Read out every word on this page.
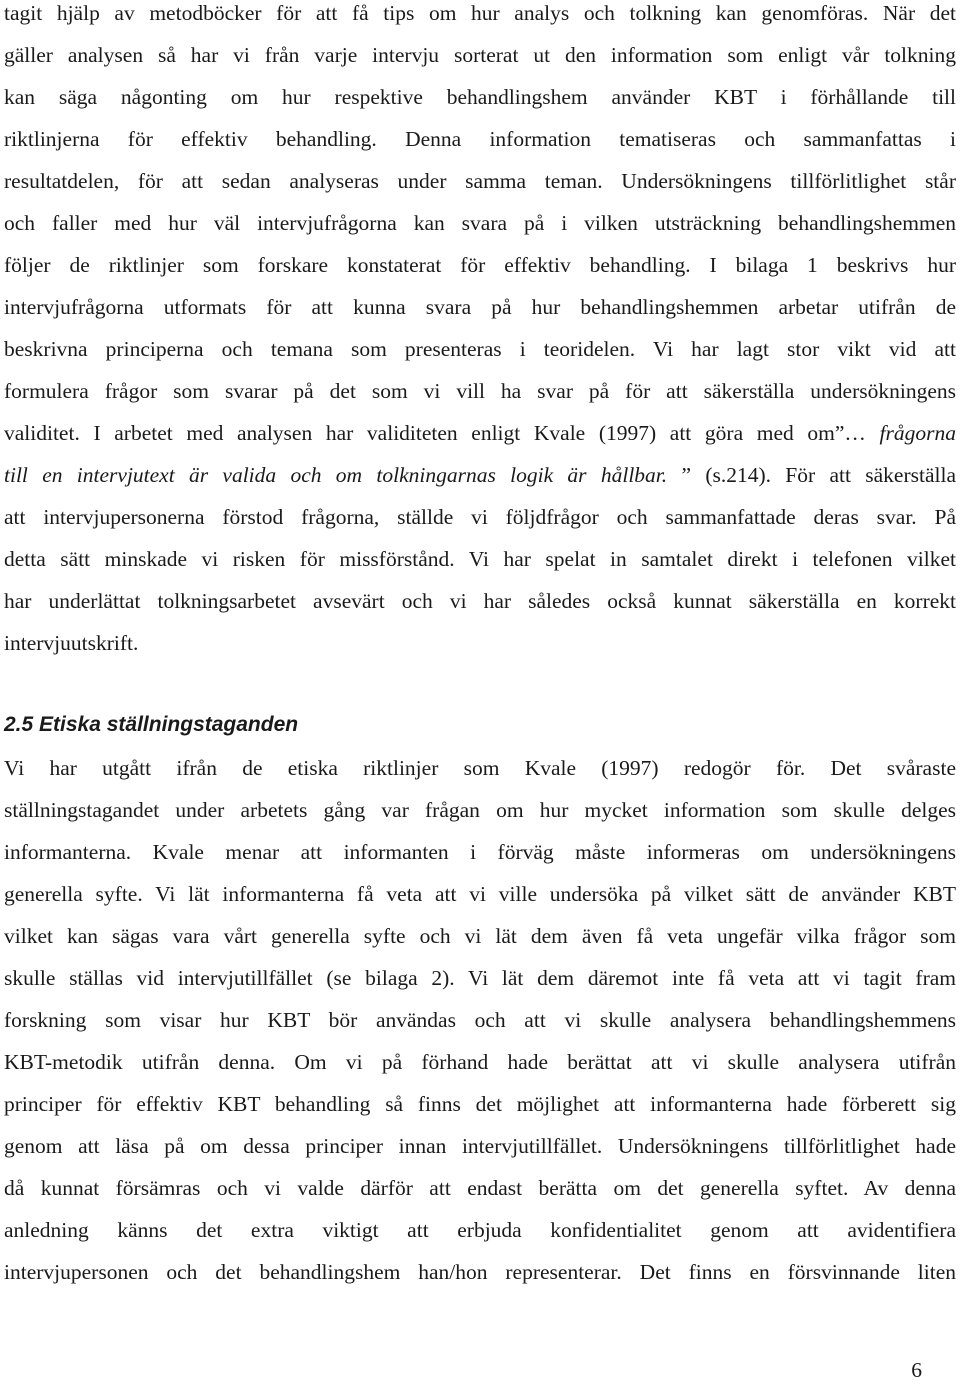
tagit hjälp av metodböcker för att få tips om hur analys och tolkning kan genomföras. När det
gäller analysen så har vi från varje intervju sorterat ut den information som enligt vår tolkning
kan säga någonting om hur respektive behandlingshem använder KBT i förhållande till
riktlinjerna för effektiv behandling. Denna information tematiseras och sammanfattas i
resultatdelen, för att sedan analyseras under samma teman. Undersökningens tillförlitlighet står
och faller med hur väl intervjufrågorna kan svara på i vilken utsträckning behandlingshemmen
följer de riktlinjer som forskare konstaterat för effektiv behandling. I bilaga 1 beskrivs hur
intervjufrågorna utformats för att kunna svara på hur behandlingshemmen arbetar utifrån de
beskrivna principerna och temana som presenteras i teoridelen. Vi har lagt stor vikt vid att
formulera frågor som svarar på det som vi vill ha svar på för att säkerställa undersökningens
validitet. I arbetet med analysen har validiteten enligt Kvale (1997) att göra med om”… frågorna
till en intervjutext är valida och om tolkningarnas logik är hållbar. ” (s.214). För att säkerställa
att intervjupersonerna förstod frågorna, ställde vi följdfrågor och sammanfattade deras svar. På
detta sätt minskade vi risken för missförstånd. Vi har spelat in samtalet direkt i telefonen vilket
har underlättat tolkningsarbetet avsevärt och vi har således också kunnat säkerställa en korrekt
intervjuutskrift.
2.5 Etiska ställningstaganden
Vi har utgått ifrån de etiska riktlinjer som Kvale (1997) redogör för. Det svåraste
ställningstagandet under arbetets gång var frågan om hur mycket information som skulle delges
informanterna. Kvale menar att informanten i förväg måste informeras om undersökningens
generella syfte. Vi lät informanterna få veta att vi ville undersöka på vilket sätt de använder KBT
vilket kan sägas vara vårt generella syfte och vi lät dem även få veta ungefär vilka frågor som
skulle ställas vid intervjutillfället (se bilaga 2). Vi lät dem däremot inte få veta att vi tagit fram
forskning som visar hur KBT bör användas och att vi skulle analysera behandlingshemmens
KBT-metodik utifrån denna. Om vi på förhand hade berättat att vi skulle analysera utifrån
principer för effektiv KBT behandling så finns det möjlighet att informanterna hade förberett sig
genom att läsa på om dessa principer innan intervjutillfället. Undersökningens tillförlitlighet hade
då kunnat försämras och vi valde därför att endast berätta om det generella syftet. Av denna
anledning känns det extra viktigt att erbjuda konfidentialitet genom att avidentifiera
intervjupersonen och det behandlingshem han/hon representerar. Det finns en försvinnande liten
6
